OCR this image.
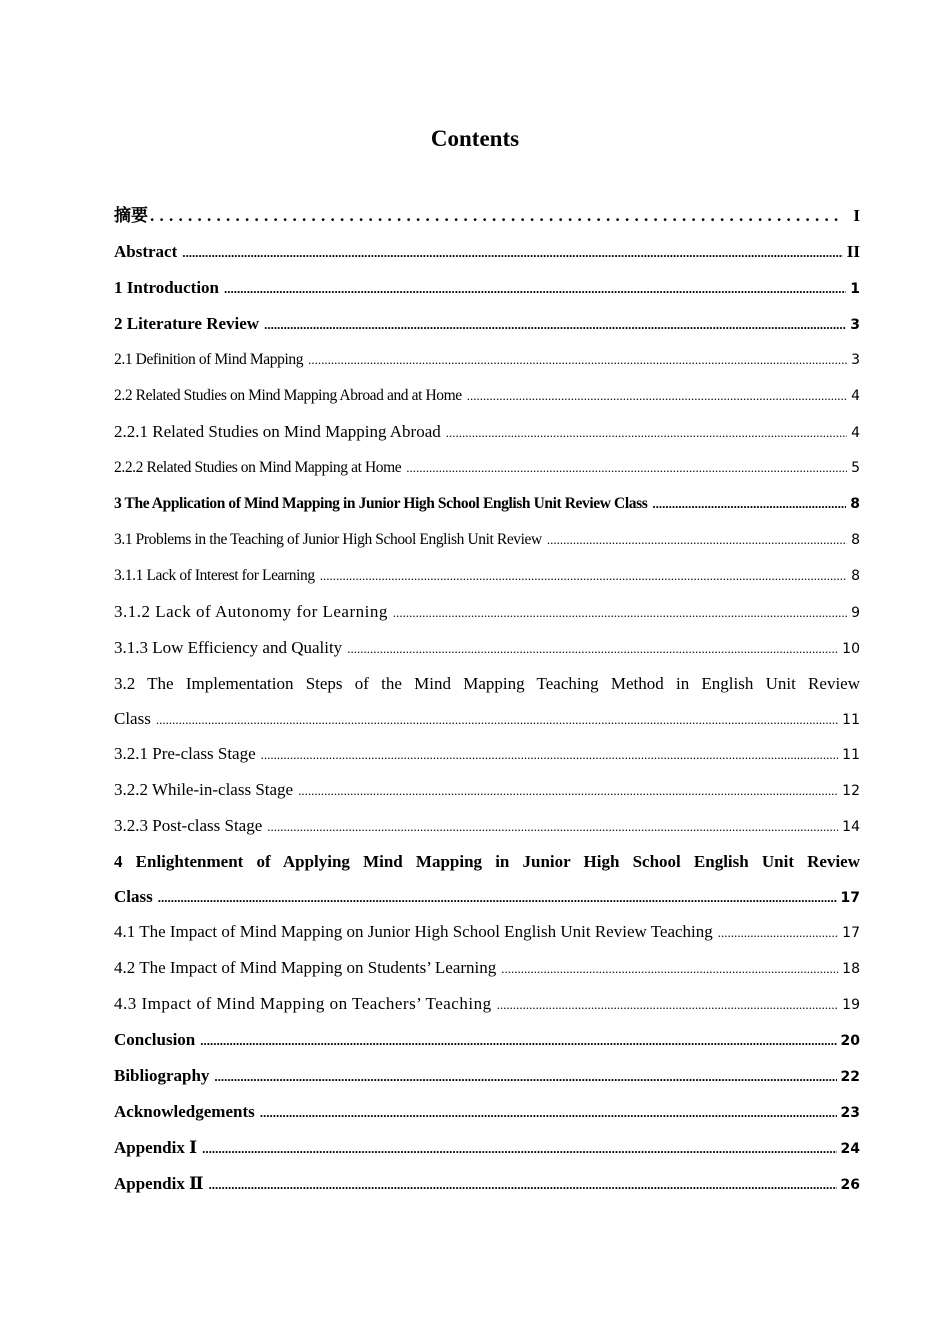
Contents
摘要 . . .	I
Abstract .....	II
1 Introduction .....	1
2 Literature Review .....	3
2.1 Definition of Mind Mapping .....	3
2.2 Related Studies on Mind Mapping Abroad and at Home .....	4
2.2.1 Related Studies on Mind Mapping Abroad .....	4
2.2.2 Related Studies on Mind Mapping at Home .....	5
3 The Application of Mind Mapping in Junior High School English Unit Review Class .....	8
3.1 Problems in the Teaching of Junior High School English Unit Review .....	8
3.1.1 Lack of Interest for Learning .....	8
3.1.2 Lack of Autonomy for Learning .....	9
3.1.3 Low Efficiency and Quality .....	10
3.2 The Implementation Steps of the Mind Mapping Teaching Method in English Unit Review
Class .....	11
3.2.1 Pre-class Stage .....	11
3.2.2 While-in-class Stage .....	12
3.2.3 Post-class Stage .....	14
4 Enlightenment of Applying Mind Mapping in Junior High School English Unit Review
Class .....	17
4.1 The Impact of Mind Mapping on Junior High School English Unit Review Teaching .....	17
4.2 The Impact of Mind Mapping on Students’ Learning .....	18
4.3 Impact of Mind Mapping on Teachers’ Teaching .....	19
Conclusion .....	20
Bibliography .....	22
Acknowledgements .....	23
Appendix Ⅰ .....	24
Appendix Ⅱ .....	26
